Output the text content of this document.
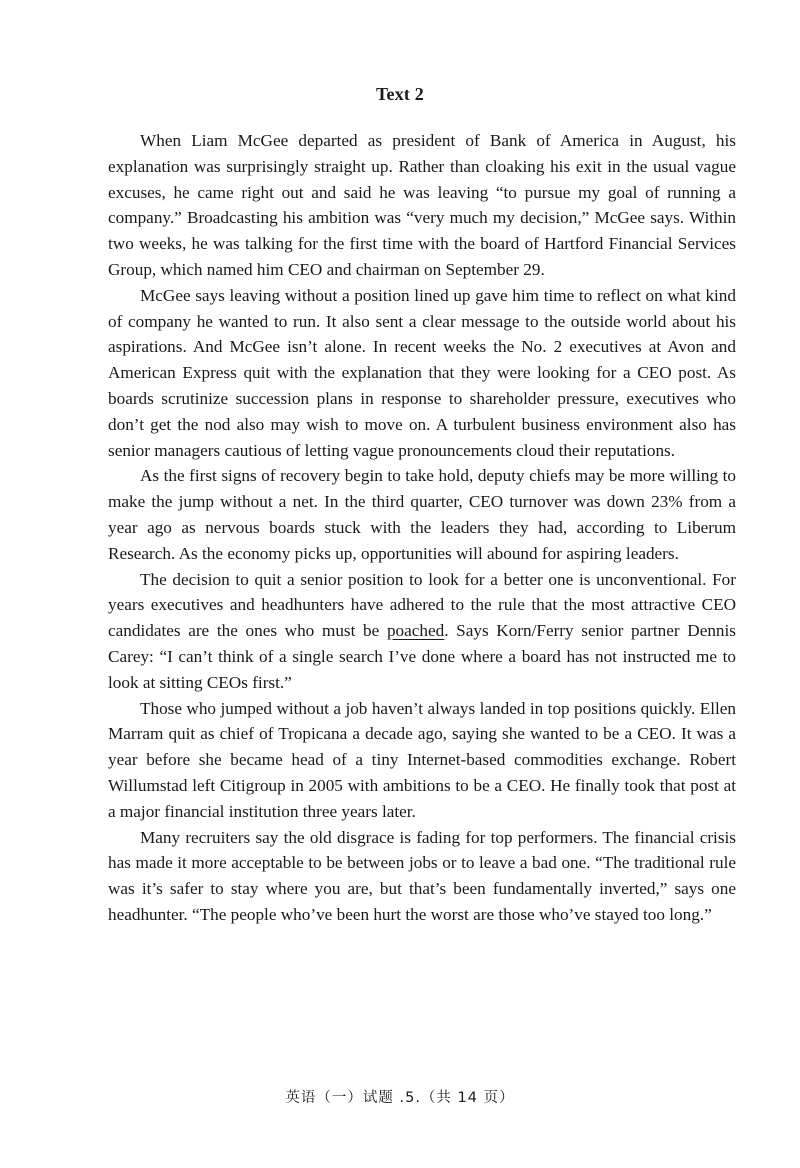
Text 2

When Liam McGee departed as president of Bank of America in August, his explanation was surprisingly straight up. Rather than cloaking his exit in the usual vague excuses, he came right out and said he was leaving “to pursue my goal of running a company.” Broadcasting his ambition was “very much my decision,” McGee says. Within two weeks, he was talking for the first time with the board of Hartford Financial Services Group, which named him CEO and chairman on September 29.

McGee says leaving without a position lined up gave him time to reflect on what kind of company he wanted to run. It also sent a clear message to the outside world about his aspirations. And McGee isn’t alone. In recent weeks the No. 2 executives at Avon and American Express quit with the explanation that they were looking for a CEO post. As boards scrutinize succession plans in response to shareholder pressure, executives who don’t get the nod also may wish to move on. A turbulent business environment also has senior managers cautious of letting vague pronouncements cloud their reputations.

As the first signs of recovery begin to take hold, deputy chiefs may be more willing to make the jump without a net. In the third quarter, CEO turnover was down 23% from a year ago as nervous boards stuck with the leaders they had, according to Liberum Research. As the economy picks up, opportunities will abound for aspiring leaders.

The decision to quit a senior position to look for a better one is unconventional. For years executives and headhunters have adhered to the rule that the most attractive CEO candidates are the ones who must be poached. Says Korn/Ferry senior partner Dennis Carey: “I can’t think of a single search I’ve done where a board has not instructed me to look at sitting CEOs first.”

Those who jumped without a job haven’t always landed in top positions quickly. Ellen Marram quit as chief of Tropicana a decade ago, saying she wanted to be a CEO. It was a year before she became head of a tiny Internet-based commodities exchange. Robert Willumstad left Citigroup in 2005 with ambitions to be a CEO. He finally took that post at a major financial institution three years later.

Many recruiters say the old disgrace is fading for top performers. The financial crisis has made it more acceptable to be between jobs or to leave a bad one. “The traditional rule was it’s safer to stay where you are, but that’s been fundamentally inverted,” says one headhunter. “The people who’ve been hurt the worst are those who’ve stayed too long.”

英语（一）试题 .5.（共 14 页）
